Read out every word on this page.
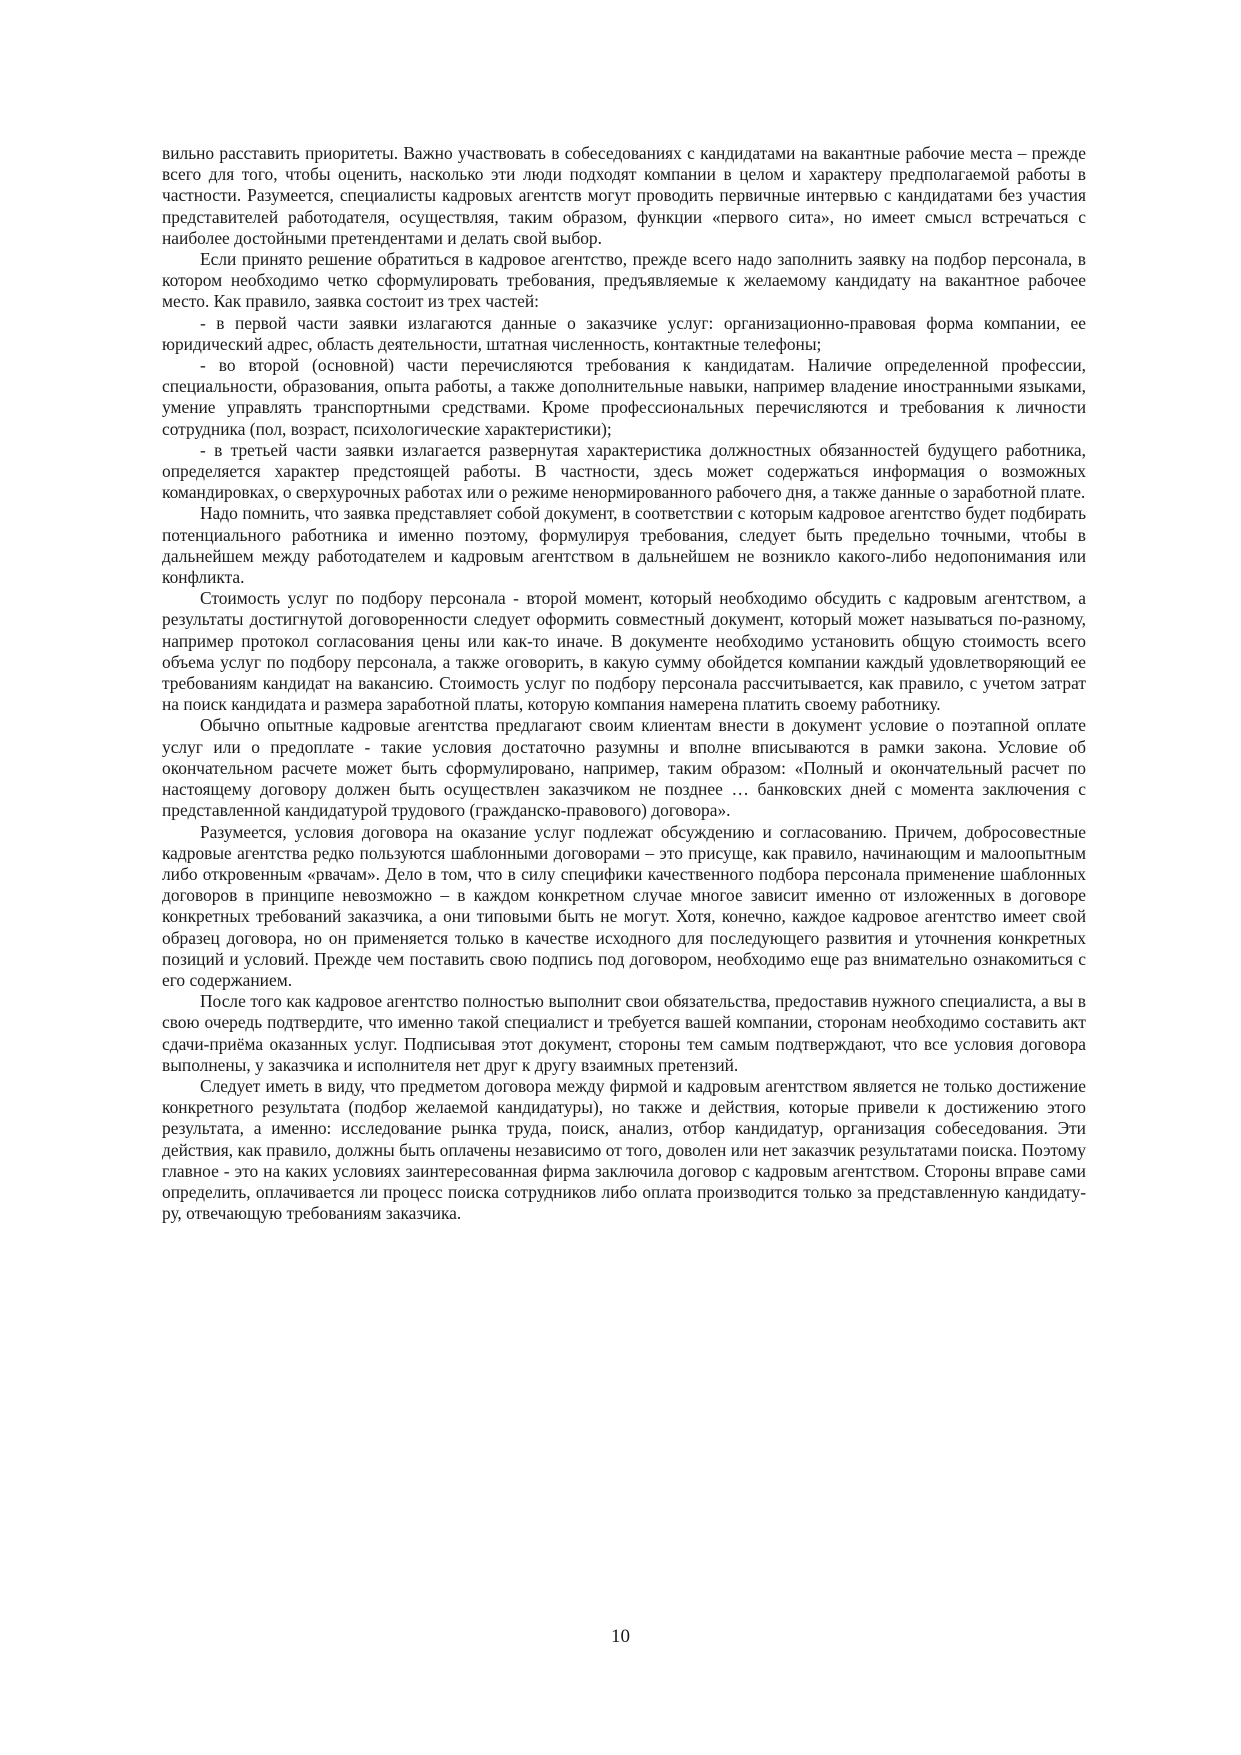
вильно расставить приоритеты. Важно участвовать в собеседованиях с кандидатами на вакантные рабочие места – прежде всего для того, чтобы оценить, насколько эти люди подходят компании в целом и характеру предполагаемой работы в частности. Разумеется, специалисты кадровых агентств могут проводить первичные интервью с кандидатами без участия представителей работодателя, осуществляя, таким образом, функции «первого сита», но имеет смысл встречаться с наиболее достойными претендентами и делать свой выбор.

Если принято решение обратиться в кадровое агентство, прежде всего надо заполнить заявку на подбор персонала, в котором необходимо четко сформулировать требования, предъявляемые к желаемому кандидату на вакантное рабочее место. Как правило, заявка состоит из трех частей:

- в первой части заявки излагаются данные о заказчике услуг: организационно-правовая форма компании, ее юридический адрес, область деятельности, штатная численность, контактные телефоны;

- во второй (основной) части перечисляются требования к кандидатам. Наличие определенной профессии, специальности, образования, опыта работы, а также дополнительные навыки, например владение иностранными языками, умение управлять транспортными средствами. Кроме профессиональных перечисляются и требования к личности сотрудника (пол, возраст, психологические характеристики);

- в третьей части заявки излагается развернутая характеристика должностных обязанностей будущего работника, определяется характер предстоящей работы. В частности, здесь может содержаться информация о возможных командировках, о сверхурочных работах или о режиме ненормированного рабочего дня, а также данные о заработной плате.

Надо помнить, что заявка представляет собой документ, в соответствии с которым кадровое агентство будет подбирать потенциального работника и именно поэтому, формулируя требования, следует быть предельно точными, чтобы в дальнейшем между работодателем и кадровым агентством в дальнейшем не возникло какого-либо недопонимания или конфликта.

Стоимость услуг по подбору персонала - второй момент, который необходимо обсудить с кадровым агентством, а результаты достигнутой договоренности следует оформить совместный документ, который может называться по-разному, например протокол согласования цены или как-то иначе. В документе необходимо установить общую стоимость всего объема услуг по подбору персонала, а также оговорить, в какую сумму обойдется компании каждый удовлетворяющий ее требованиям кандидат на вакансию. Стоимость услуг по подбору персонала рассчитывается, как правило, с учетом затрат на поиск кандидата и размера заработной платы, которую компания намерена платить своему работнику.

Обычно опытные кадровые агентства предлагают своим клиентам внести в документ условие о поэтапной оплате услуг или о предоплате - такие условия достаточно разумны и вполне вписываются в рамки закона. Условие об окончательном расчете может быть сформулировано, например, таким образом: «Полный и окончательный расчет по настоящему договору должен быть осуществлен заказчиком не позднее … банковских дней с момента заключения с представленной кандидатурой трудового (гражданско-правового) договора».

Разумеется, условия договора на оказание услуг подлежат обсуждению и согласованию. Причем, добросовестные кадровые агентства редко пользуются шаблонными договорами – это присуще, как правило, начинающим и малоопытным либо откровенным «рвачам». Дело в том, что в силу специфики качественного подбора персонала применение шаблонных договоров в принципе невозможно – в каждом конкретном случае многое зависит именно от изложенных в договоре конкретных требований заказчика, а они типовыми быть не могут. Хотя, конечно, каждое кадровое агентство имеет свой образец договора, но он применяется только в качестве исходного для последующего развития и уточнения конкретных позиций и условий. Прежде чем поставить свою подпись под договором, необходимо еще раз внимательно ознакомиться с его содержанием.

После того как кадровое агентство полностью выполнит свои обязательства, предоставив нужного специалиста, а вы в свою очередь подтвердите, что именно такой специалист и требуется вашей компании, сторонам необходимо составить акт сдачи-приёма оказанных услуг. Подписывая этот документ, стороны тем самым подтверждают, что все условия договора выполнены, у заказчика и исполнителя нет друг к другу взаимных претензий.

Следует иметь в виду, что предметом договора между фирмой и кадровым агентством является не только достижение конкретного результата (подбор желаемой кандидатуры), но также и действия, которые привели к достижению этого результата, а именно: исследование рынка труда, поиск, анализ, отбор кандидатур, организация собеседования. Эти действия, как правило, должны быть оплачены независимо от того, доволен или нет заказчик результатами поиска. Поэтому главное - это на каких условиях заинтересованная фирма заключила договор с кадровым агентством. Стороны вправе сами определить, оплачивается ли процесс поиска сотрудников либо оплата производится только за представленную кандидатуру, отвечающую требованиям заказчика.

10
